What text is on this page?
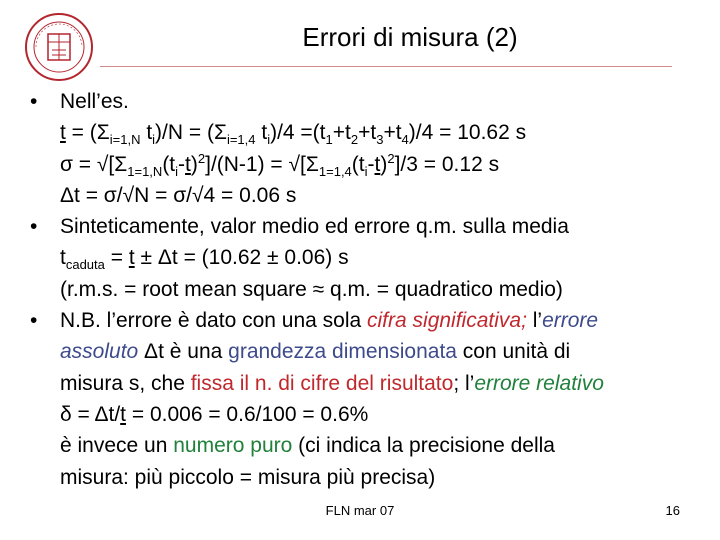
Errori di misura (2)
• Nell’es.
$t = (\Sigma_{i=1,N}$ $t_i)/N = (\Sigma_{i=1,4}$ $t_i)/4 =(t_1+t_2+t_3+t_4)/4 = 10.62$ s
$\sigma = √[\Sigma_{1=1,N}(t_i-t)^2]/(N-1) = √[\Sigma_{1=1,4}(t_i-t)^2]/3 = 0.12$ s
Δt = σ/√N = σ/√4 = 0.06 s
• Sinteticamente, valor medio ed errore q.m. sulla media
$t_{caduta} = t \pm \Delta t = (10.62 \pm 0.06)$ s
(r.m.s. = root mean square ≈ q.m. = quadratico medio)
• N.B. l’errore è dato con una sola cifra significativa; l’errore
assoluto Δt è una grandezza dimensionata con unità di
misura s, che fissa il n. di cifre del risultato; l’errore relativo
δ = Δt/t = 0.006 = 0.6/100 = 0.6%
è invece un numero puro (ci indica la precisione della
misura: più piccolo = misura più precisa)
FLN mar 07	16
